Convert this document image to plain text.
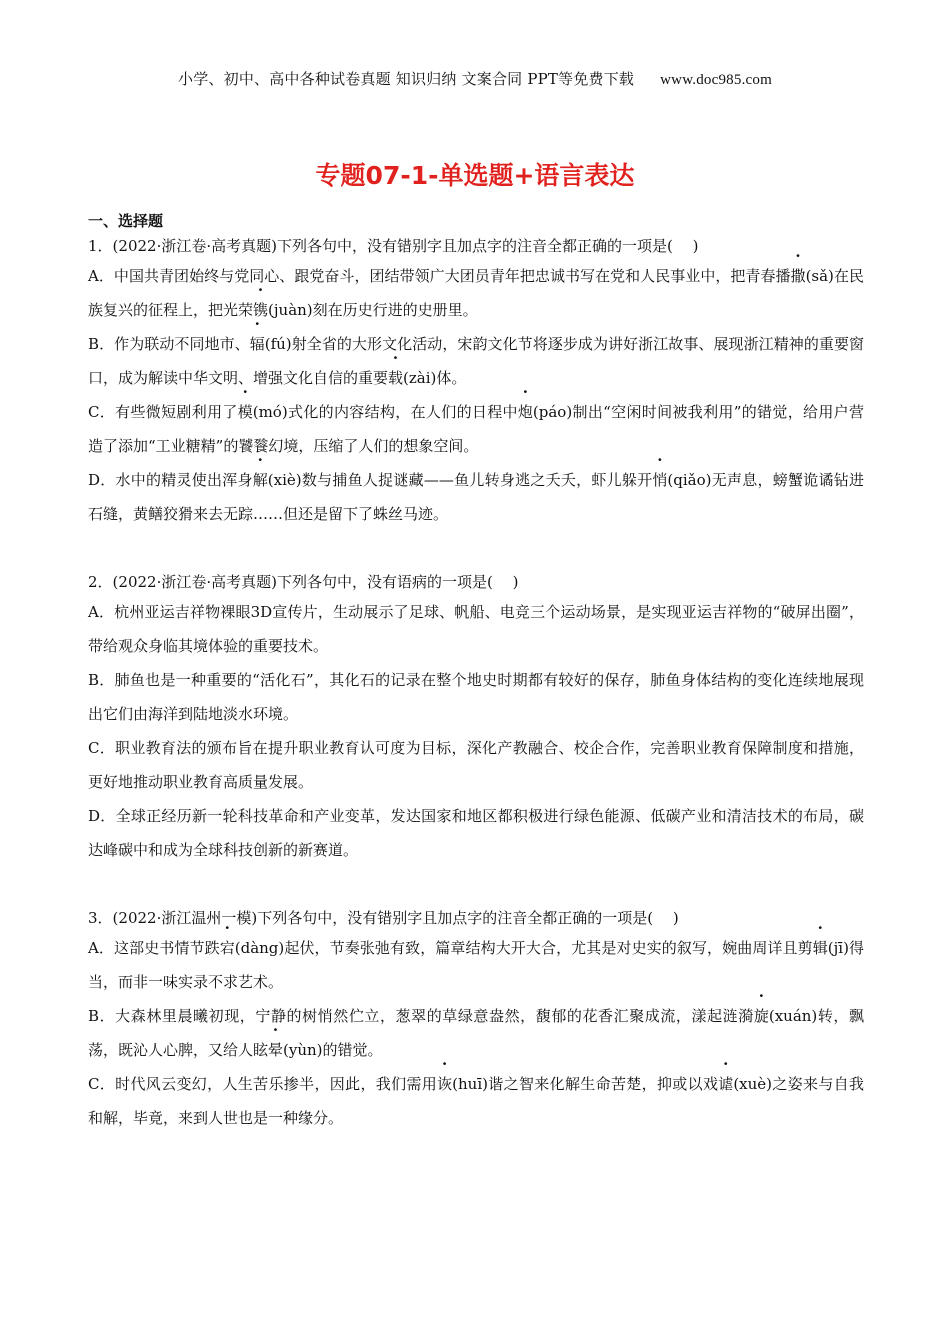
小学、初中、高中各种试卷真题 知识归纳 文案合同 PPT等免费下载 www.doc985.com
专题07-1-单选题+语言表达
一、选择题

1．(2022·浙江卷·高考真题)下列各句中，没有错别字且加点字的注音全都正确的一项是(　 )

A．中国共青团始终与党同心、跟党奋斗，团结带领广大团员青年把忠诚书写在党和人民事业中，把青春播撒(sǎ)在民族复兴的征程上，把光荣镌(juàn)刻在历史行进的史册里。

B．作为联动不同地市、辐(fú)射全省的大形文化活动，宋韵文化节将逐步成为讲好浙江故事、展现浙江精神的重要窗口，成为解读中华文明、增强文化自信的重要载(zài)体。

C．有些微短剧利用了模(mó)式化的内容结构，在人们的日程中炮(páo)制出“空闲时间被我利用”的错觉，给用户营造了添加“工业糖精”的饕餮幻境，压缩了人们的想象空间。

D．水中的精灵使出浑身解(xiè)数与捕鱼人捉谜藏——鱼儿转身逃之夭夭，虾儿躲开悄(qiǎo)无声息，螃蟹诡谲钻进石缝，黄鳝狡猾来去无踪……但还是留下了蛛丝马迹。

2．(2022·浙江卷·高考真题)下列各句中，没有语病的一项是(　 )

A．杭州亚运吉祥物裸眼3D宣传片，生动展示了足球、帆船、电竞三个运动场景，是实现亚运吉祥物的“破屏出圈”，带给观众身临其境体验的重要技术。

B．肺鱼也是一种重要的“活化石”，其化石的记录在整个地史时期都有较好的保存，肺鱼身体结构的变化连续地展现出它们由海洋到陆地淡水环境。

C．职业教育法的颁布旨在提升职业教育认可度为目标，深化产教融合、校企合作，完善职业教育保障制度和措施，更好地推动职业教育高质量发展。

D．全球正经历新一轮科技革命和产业变革，发达国家和地区都积极进行绿色能源、低碳产业和清洁技术的布局，碳达峰碳中和成为全球科技创新的新赛道。

3．(2022·浙江温州一模)下列各句中，没有错别字且加点字的注音全都正确的一项是(　 )

A．这部史书情节跌宕(dàng)起伏，节奏张弛有致，篇章结构大开大合，尤其是对史实的叙写，婉曲周详且剪辑(jī)得当，而非一味实录不求艺术。

B．大森林里晨曦初现，宁静的树悄然伫立，葱翠的草绿意盎然，馥郁的花香汇聚成流，漾起涟漪旋(xuán)转，飘荡，既沁人心脾，又给人眩晕(yùn)的错觉。

C．时代风云变幻，人生苦乐掺半，因此，我们需用诙(huī)谐之智来化解生命苦楚，抑或以戏谑(xuè)之姿来与自我和解，毕竟，来到人世也是一种缘分。
